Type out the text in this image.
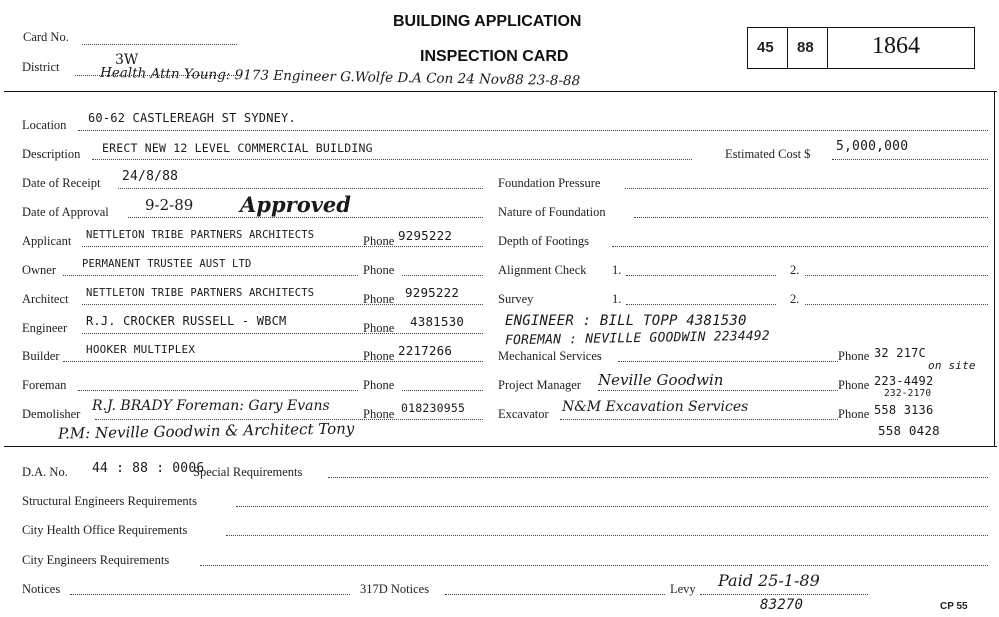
Card No.
District	3W
BUILDING APPLICATION
INSPECTION CARD
45 88 1864
Health Attn Young: 9173 Engineer G.Wolfe D.A Con 24 Nov88 23-8-88
Location 60-62 CASTLEREAGH ST SYDNEY.
Description ERECT NEW 12 LEVEL COMMERCIAL BUILDING	Estimated Cost $ 5,000,000
Date of Receipt 24/8/88	Foundation Pressure
Date of Approval 9-2-89 Approved	Nature of Foundation
Applicant NETTLETON TRIBE PARTNERS ARCHITECTS	Phone 9295222	Depth of Footings
Owner PERMANENT TRUSTEE AUST LTD	Phone	Alignment Check 1.	2.
Architect NETTLETON TRIBE PARTNERS ARCHITECTS	Phone 9295222	Survey	1.	2.
Engineer R.J. CROCKER RUSSELL - WBCM	Phone 4381530	ENGINEER : BILL TOPP 4381530
FOREMAN : NEVILLE GOODWIN 2234492
Builder HOOKER MULTIPLEX	Phone 2217266	Mechanical Services	Phone 32 217C
on site
Foreman	Phone	Project Manager Neville Goodwin	Phone 223-4492
232-2170
Demolisher R.J. BRADY Foreman: Gary Evans	Phone 018230955	Excavator N&M Excavation Services	Phone 558 3136
P.M: Neville Goodwin & Architect Tony	558 0428
D.A. No. 44 : 88 : 0006
Special Requirements
Structural Engineers Requirements
City Health Office Requirements
City Engineers Requirements
Notices	317D Notices	Levy Paid 25-1-89
83270	CP 55
